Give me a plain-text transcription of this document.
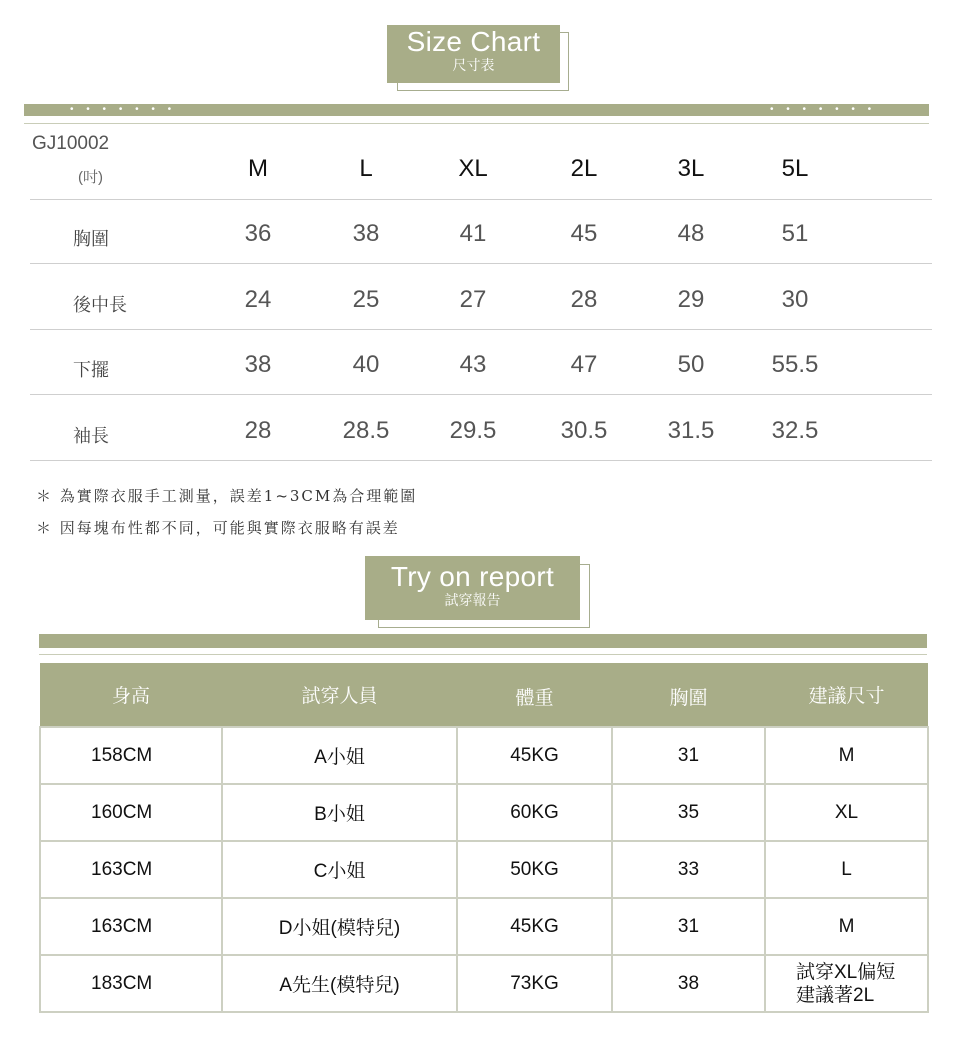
Size Chart
尺寸表
• • • • • • •	• • • • • • •
GJ10002
(吋)	M	L	XL	2L	3L	5L
胸圍	36	38	41	45	48	51
後中長	24	25	27	28	29	30
下擺	38	40	43	47	50	55.5
袖長	28	28.5	29.5	30.5	31.5	32.5
＊ 為實際衣服手工測量，誤差1~3CM為合理範圍
＊ 因每塊布性都不同，可能與實際衣服略有誤差
Try on report
試穿報告
身高	試穿人員	體重	胸圍	建議尺寸
158CM	A小姐	45KG	31	M
160CM	B小姐	60KG	35	XL
163CM	C小姐	50KG	33	L
163CM	D小姐(模特兒)	45KG	31	M
183CM	A先生(模特兒)	73KG	38	試穿XL偏短
建議著2L
